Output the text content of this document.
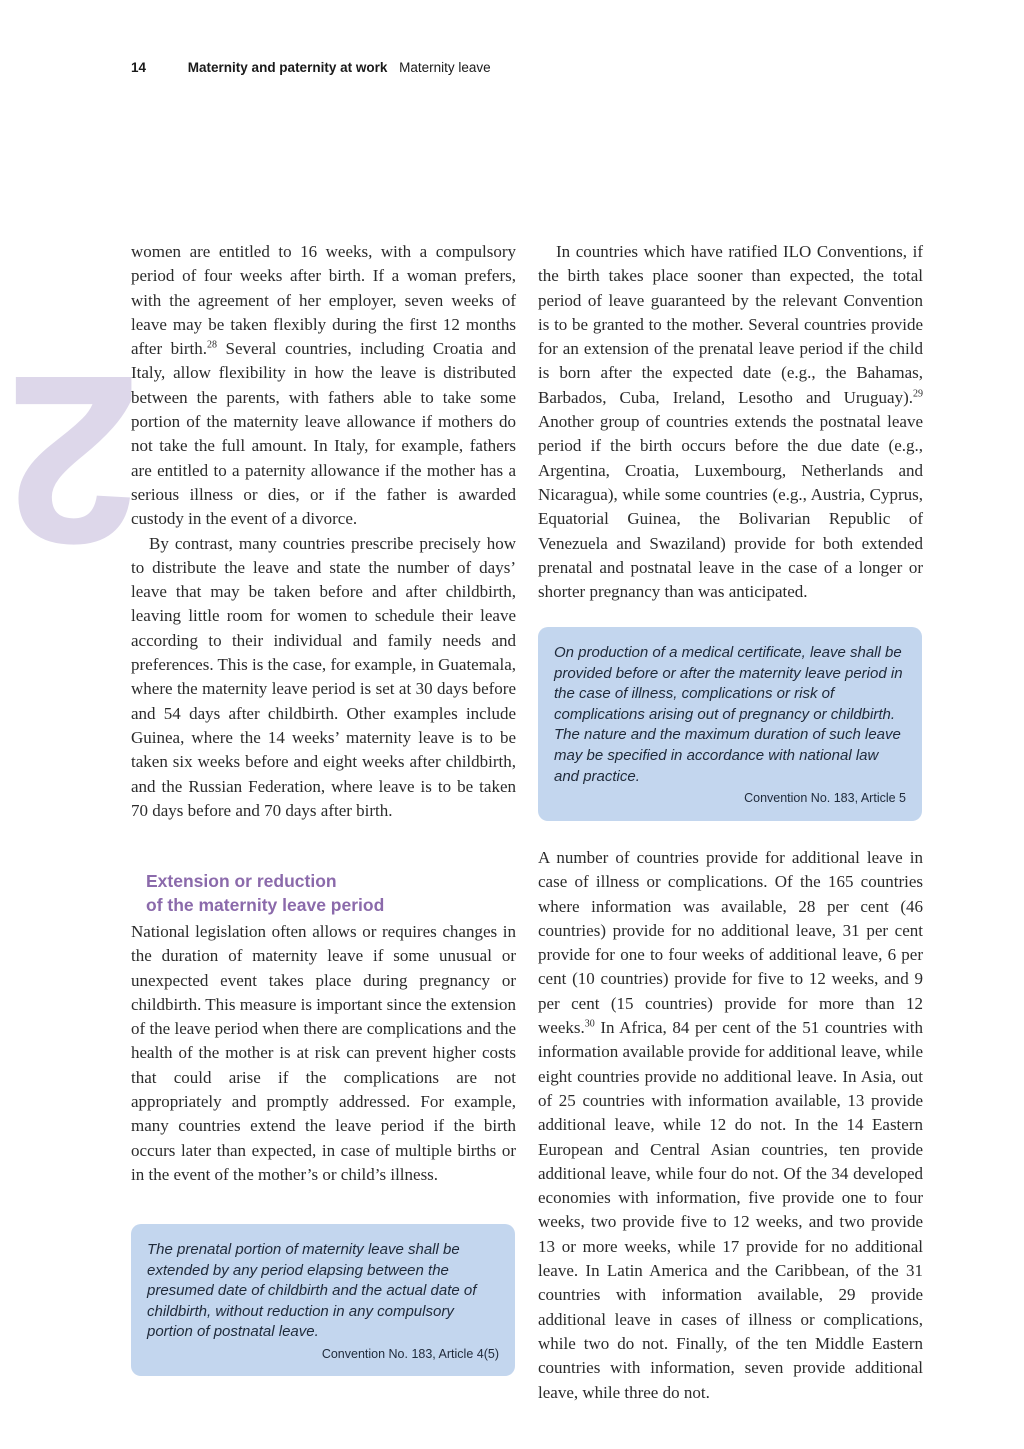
14	Maternity and paternity at work Maternity leave
2

women are entitled to 16 weeks, with a compulsory period of four weeks after birth. If a woman prefers, with the agreement of her employer, seven weeks of leave may be taken flexibly during the first 12 months after birth.$^{28}$ Several countries, including Croatia and Italy, allow flexibility in how the leave is distributed between the parents, with fathers able to take some portion of the maternity leave allowance if mothers do not take the full amount. In Italy, for example, fathers are entitled to a paternity allowance if the mother has a serious illness or dies, or if the father is awarded custody in the event of a divorce.

By contrast, many countries prescribe precisely how to distribute the leave and state the number of days’ leave that may be taken before and after childbirth, leaving little room for women to schedule their leave according to their individual and family needs and preferences. This is the case, for example, in Guatemala, where the maternity leave period is set at 30 days before and 54 days after childbirth. Other examples include Guinea, where the 14 weeks’ maternity leave is to be taken six weeks before and eight weeks after childbirth, and the Russian Federation, where leave is to be taken 70 days before and 70 days after birth.

In countries which have ratified ILO Conventions, if the birth takes place sooner than expected, the total period of leave guaranteed by the relevant Convention is to be granted to the mother. Several countries provide for an extension of the prenatal leave period if the child is born after the expected date (e.g., the Bahamas, Barbados, Cuba, Ireland, Lesotho and Uruguay).$^{29}$ Another group of countries extends the postnatal leave period if the birth occurs before the due date (e.g., Argentina, Croatia, Luxembourg, Netherlands and Nicaragua), while some countries (e.g., Austria, Cyprus, Equatorial Guinea, the Bolivarian Republic of Venezuela and Swaziland) provide for both extended prenatal and postnatal leave in the case of a longer or shorter pregnancy than was anticipated.

On production of a medical certificate, leave shall be provided before or after the maternity leave period in the case of illness, complications or risk of complications arising out of pregnancy or childbirth. The nature and the maximum duration of such leave may be specified in accordance with national law and practice.
Convention No. 183, Article 5
Extension or reduction
of the maternity leave period

National legislation often allows or requires changes in the duration of maternity leave if some unusual or unexpected event takes place during pregnancy or childbirth. This measure is important since the extension of the leave period when there are complications and the health of the mother is at risk can prevent higher costs that could arise if the complications are not appropriately and promptly addressed. For example, many countries extend the leave period if the birth occurs later than expected, in case of multiple births or in the event of the mother’s or child’s illness.

The prenatal portion of maternity leave shall be extended by any period elapsing between the presumed date of childbirth and the actual date of childbirth, without reduction in any compulsory portion of postnatal leave.
Convention No. 183, Article 4(5)

A number of countries provide for additional leave in case of illness or complications. Of the 165 countries where information was available, 28 per cent (46 countries) provide for no additional leave, 31 per cent provide for one to four weeks of additional leave, 6 per cent (10 countries) provide for five to 12 weeks, and 9 per cent (15 countries) provide for more than 12 weeks.$^{30}$ In Africa, 84 per cent of the 51 countries with information available provide for additional leave, while eight countries provide no additional leave. In Asia, out of 25 countries with information available, 13 provide additional leave, while 12 do not. In the 14 Eastern European and Central Asian countries, ten provide additional leave, while four do not. Of the 34 developed economies with information, five provide one to four weeks, two provide five to 12 weeks, and two provide 13 or more weeks, while 17 provide for no additional leave. In Latin America and the Caribbean, of the 31 countries with information available, 29 provide additional leave in cases of illness or complications, while two do not. Finally, of the ten Middle Eastern countries with information, seven provide additional leave, while three do not.
